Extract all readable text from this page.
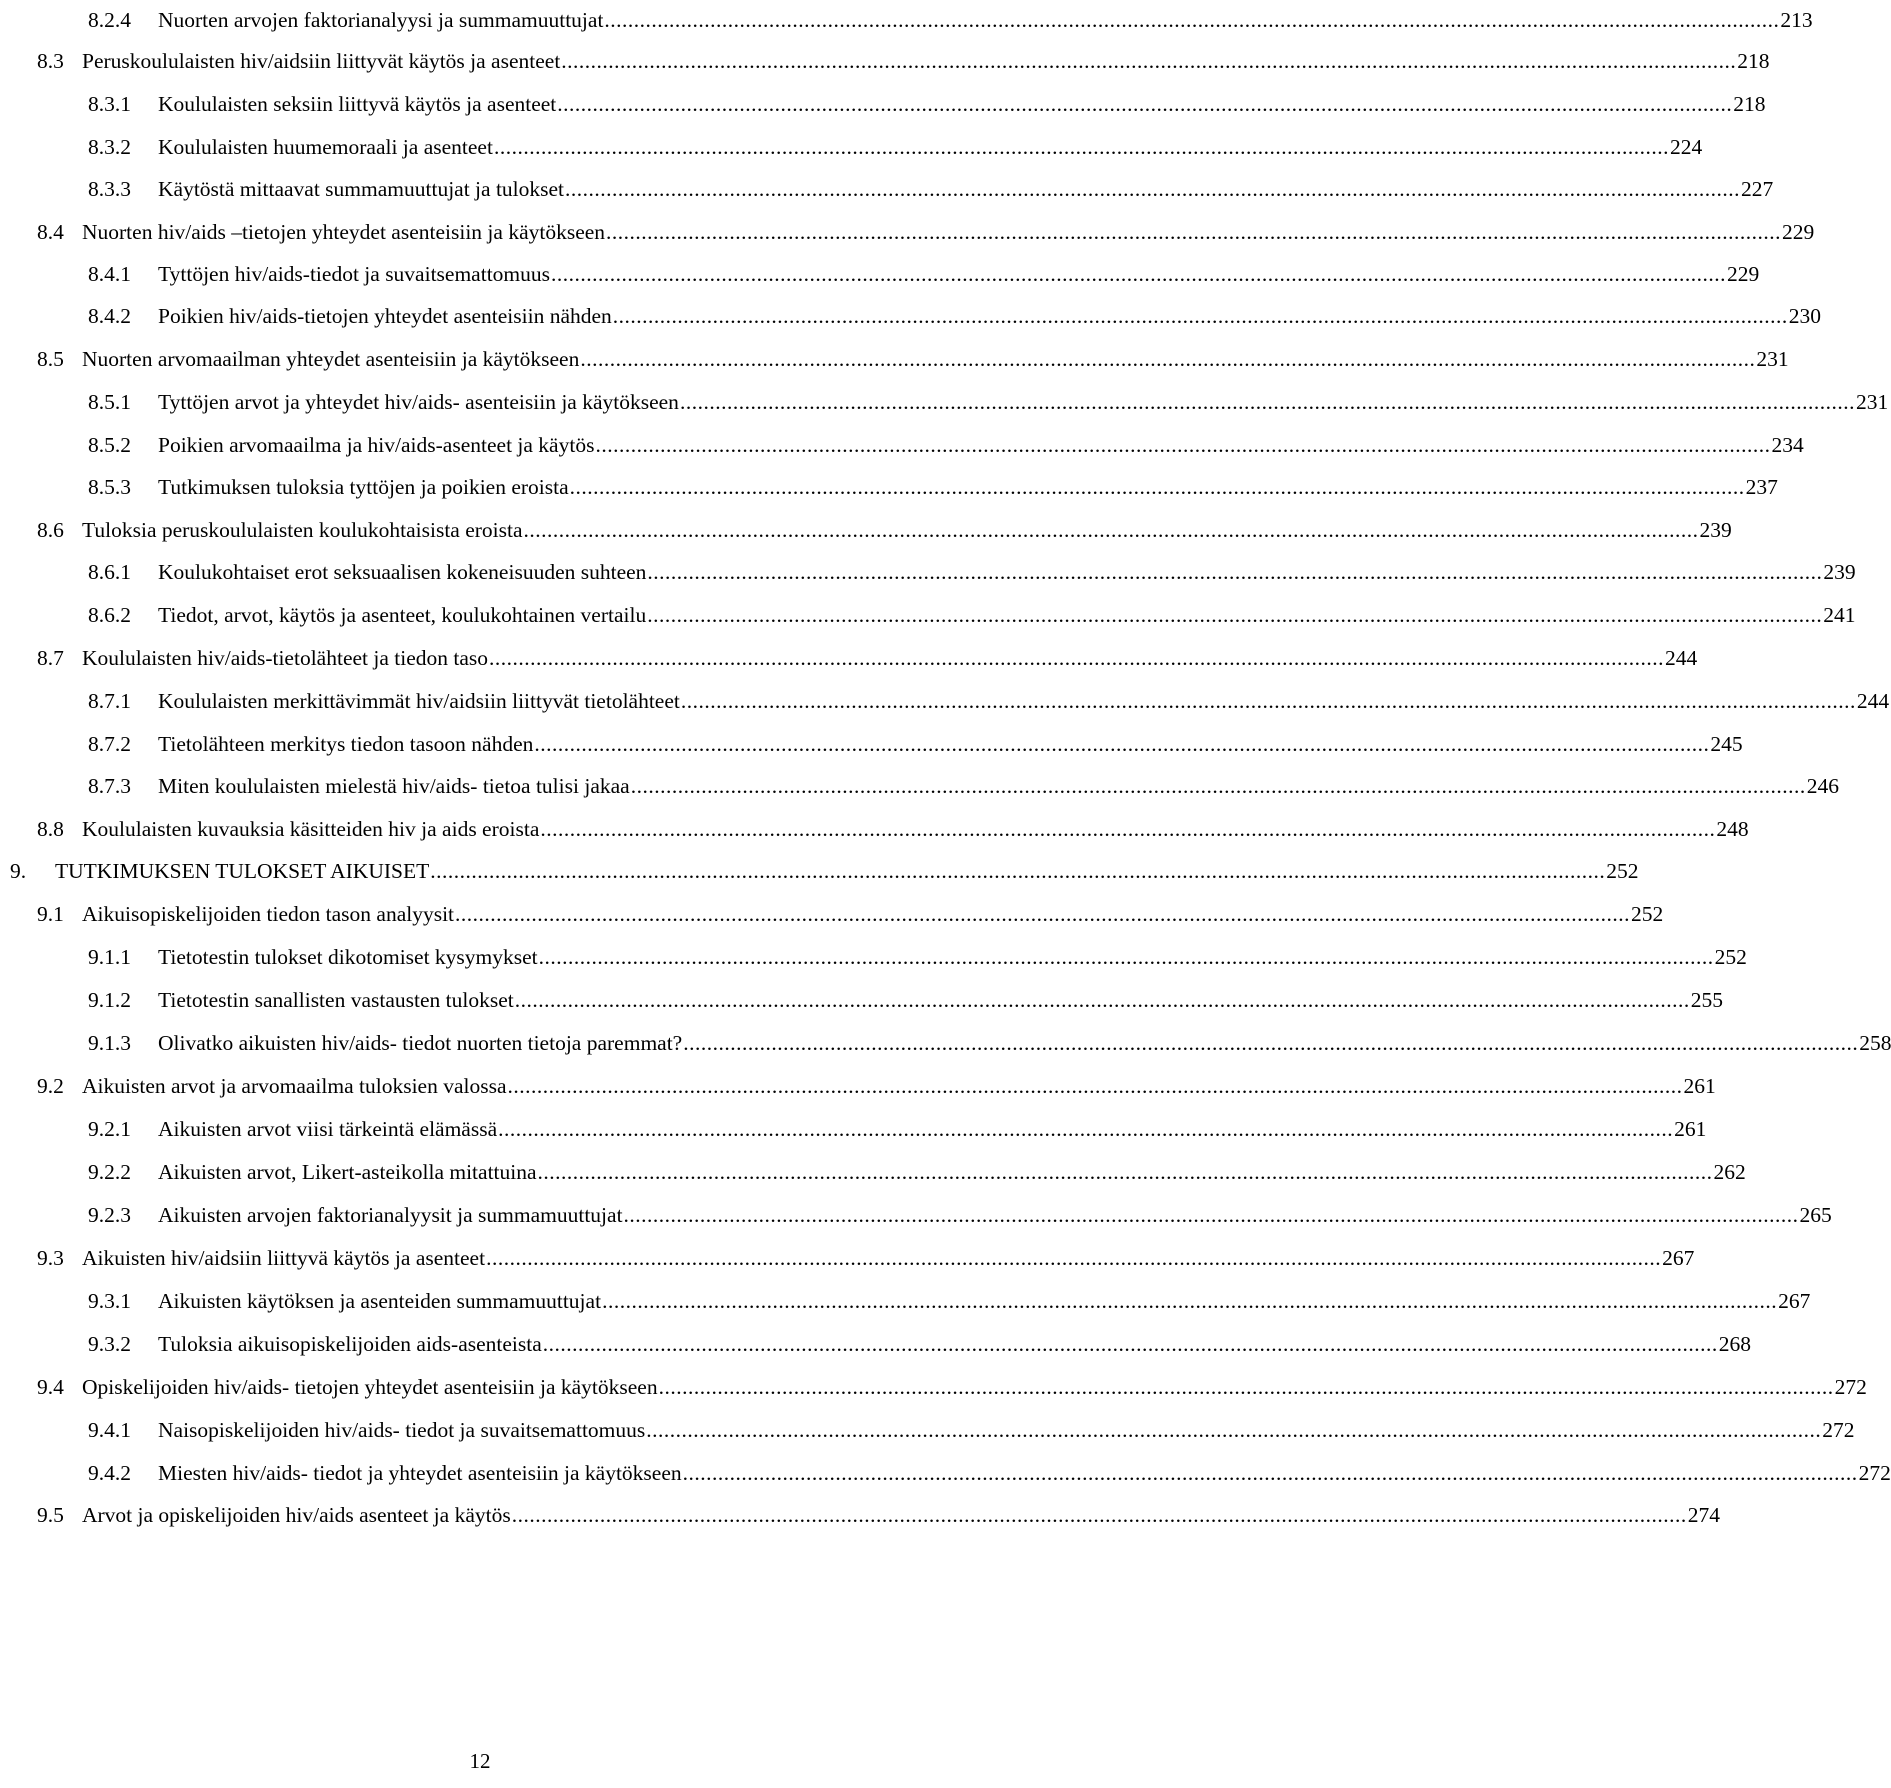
8.2.4	Nuorten arvojen faktorianalyysi ja summamuuttujat .....	213
8.3 Peruskoululaisten hiv/aidsiin liittyvät käytös ja asenteet .....	218
8.3.1	Koululaisten seksiin liittyvä käytös ja asenteet .....	218
8.3.2	Koululaisten huumemoraali ja asenteet .....	224
8.3.3	Käytöstä mittaavat summamuuttujat ja tulokset .....	227
8.4 Nuorten hiv/aids –tietojen yhteydet asenteisiin ja käytökseen .....	229
8.4.1	Tyttöjen hiv/aids-tiedot ja suvaitsemattomuus .....	229
8.4.2	Poikien hiv/aids-tietojen yhteydet asenteisiin nähden .....	230
8.5 Nuorten arvomaailman yhteydet asenteisiin ja käytökseen .....	231
8.5.1	Tyttöjen arvot ja yhteydet hiv/aids- asenteisiin ja käytökseen .....	231
8.5.2	Poikien arvomaailma ja hiv/aids-asenteet ja käytös .....	234
8.5.3	Tutkimuksen tuloksia tyttöjen ja poikien eroista .....	237
8.6 Tuloksia peruskoululaisten koulukohtaisista eroista .....	239
8.6.1	Koulukohtaiset erot seksuaalisen kokeneisuuden suhteen .....	239
8.6.2	Tiedot, arvot, käytös ja asenteet, koulukohtainen vertailu .....	241
8.7 Koululaisten hiv/aids-tietolähteet ja tiedon taso .....	244
8.7.1	Koululaisten merkittävimmät hiv/aidsiin liittyvät tietolähteet .....	244
8.7.2	Tietolähteen merkitys tiedon tasoon nähden .....	245
8.7.3	Miten koululaisten mielestä hiv/aids- tietoa tulisi jakaa .....	246
8.8 Koululaisten kuvauksia käsitteiden hiv ja aids eroista .....	248
9.	TUTKIMUKSEN TULOKSET AIKUISET .....	252
9.1 Aikuisopiskelijoiden tiedon tason analyysit .....	252
9.1.1	Tietotestin tulokset dikotomiset kysymykset .....	252
9.1.2	Tietotestin sanallisten vastausten tulokset .....	255
9.1.3	Olivatko aikuisten hiv/aids- tiedot nuorten tietoja paremmat? .....	258
9.2 Aikuisten arvot ja arvomaailma tuloksien valossa .....	261
9.2.1	Aikuisten arvot viisi tärkeintä elämässä .....	261
9.2.2	Aikuisten arvot, Likert-asteikolla mitattuina .....	262
9.2.3	Aikuisten arvojen faktorianalyysit ja summamuuttujat .....	265
9.3 Aikuisten hiv/aidsiin liittyvä käytös ja asenteet .....	267
9.3.1	Aikuisten käytöksen ja asenteiden summamuuttujat .....	267
9.3.2	Tuloksia aikuisopiskelijoiden aids-asenteista .....	268
9.4 Opiskelijoiden hiv/aids- tietojen yhteydet asenteisiin ja käytökseen .....	272
9.4.1	Naisopiskelijoiden hiv/aids- tiedot ja suvaitsemattomuus .....	272
9.4.2	Miesten hiv/aids- tiedot ja yhteydet asenteisiin ja käytökseen .....	272
9.5 Arvot ja opiskelijoiden hiv/aids asenteet ja käytös .....	274
12
